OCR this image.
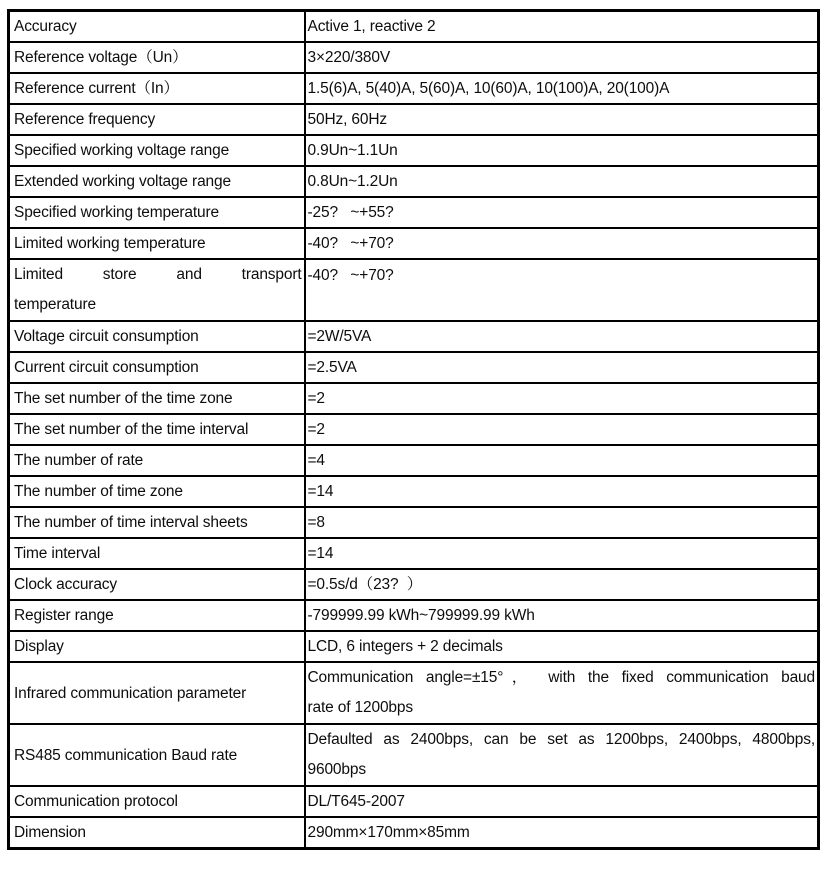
Accuracy	Active 1, reactive 2
Reference voltage（Un）	3×220/380V
Reference current（In）	1.5(6)A, 5(40)A, 5(60)A, 10(60)A, 10(100)A, 20(100)A
Reference frequency	50Hz, 60Hz
Specified working voltage range	0.9Un~1.1Un
Extended working voltage range	0.8Un~1.2Un
Specified working temperature	-25?   ~+55?
Limited working temperature	-40?   ~+70?

Limited store and transport
temperature	-40?   ~+70?
Voltage circuit consumption	=2W/5VA
Current circuit consumption	=2.5VA
The set number of the time zone	=2
The set number of the time interval	=2
The number of rate	=4
The number of time zone	=14
The number of time interval sheets	=8
Time interval	=14
Clock accuracy	=0.5s/d（23?  ）
Register range	-799999.99 kWh~799999.99 kWh
Display	LCD, 6 integers + 2 decimals
Infrared communication parameter	Communication angle=±15°， with the fixed communication baud
rate of 1200bps

RS485 communication Baud rate	Defaulted as 2400bps, can be set as 1200bps, 2400bps, 4800bps,
9600bps

Communication protocol	DL/T645-2007
Dimension	290mm×170mm×85mm
